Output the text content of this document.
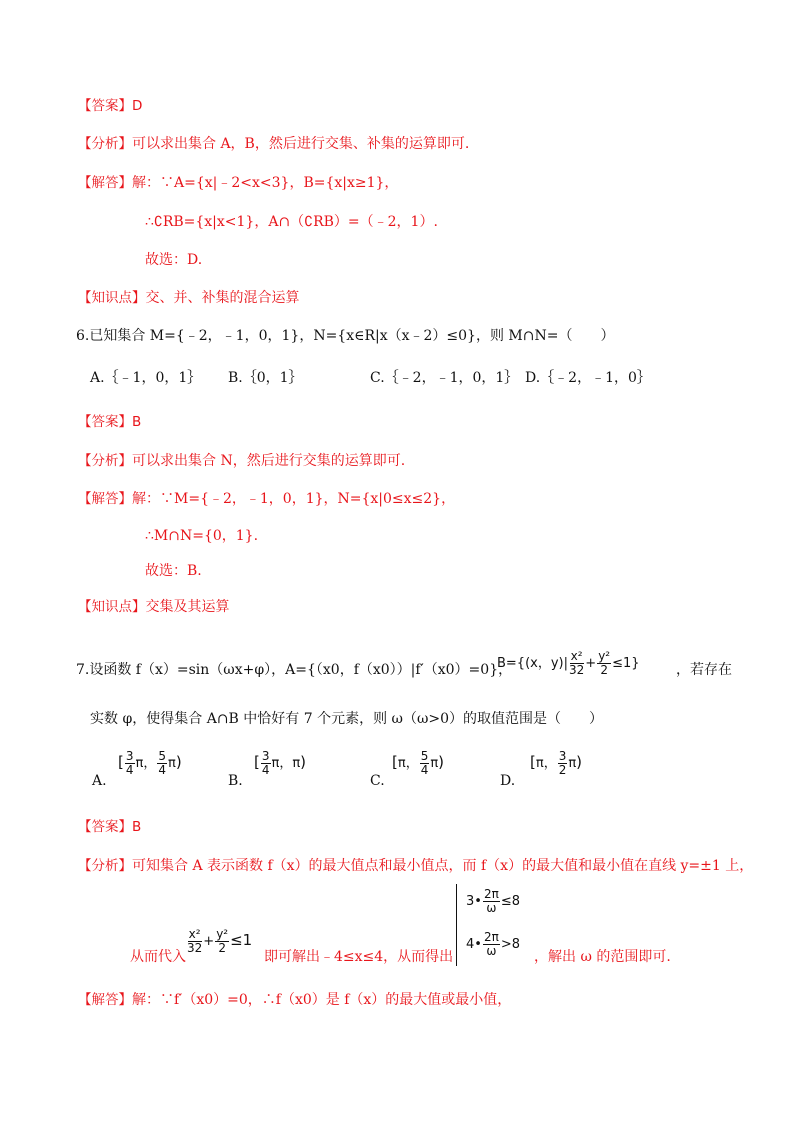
【答案】D
【分析】可以求出集合 A，B，然后进行交集、补集的运算即可.
【解答】解：∵A={x|﹣2<x<3}，B={x|x≥1}，
∴∁RB={x|x<1}，A∩（∁RB）=（﹣2，1）.
故选：D.
【知识点】交、并、补集的混合运算
6.已知集合 M={﹣2，﹣1，0，1}，N={x∈R|x（x﹣2）≤0}，则 M∩N=（　　）
A.｛﹣1，0，1｝ B.｛0，1｝	C.｛﹣2，﹣1，0，1｝ D.｛﹣2，﹣1，0｝
【答案】B
【分析】可以求出集合 N，然后进行交集的运算即可.
【解答】解：∵M={﹣2，﹣1，0，1}，N={x|0≤x≤2}，
∴M∩N={0，1}.
故选：B.
【知识点】交集及其运算
7.设函数 f（x）=sin（ωx+φ），A={（x0，f（x0））|f′（x0）=0}，
B={(x，$y)| \frac{\text{x²}}{32} + \frac{\text{y²}}{2} \le 1$}	，若存在
实数 φ，使得集合 A∩B 中恰好有 7 个元素，则 ω（ω>0）的取值范围是（　　）
A.
[ $\frac{3}{4}$ π， $\frac{5}{4} \pi$)
B.
[ $\frac{3}{4}$ π，π)
C.
[π， $\frac{5}{4} \pi$)
D.
[π， $\frac{3}{2} \pi$)
【答案】B
【分析】可知集合 A 表示函数 f（x）的最大值点和最小值点，而 f（x）的最大值和最小值在直线 y=±1 上，
从而代入
$\frac{\text{x²}}{32} + \frac{\text{y²}}{2} \le 1$
即可解出﹣4≤x≤4，从而得出
3• $\frac{2\pi}{\omega} \le 8$
4• $\frac{2\pi}{\omega} >8$
，解出 ω 的范围即可.
【解答】解：∵f′（x0）=0，∴f（x0）是 f（x）的最大值或最小值，
